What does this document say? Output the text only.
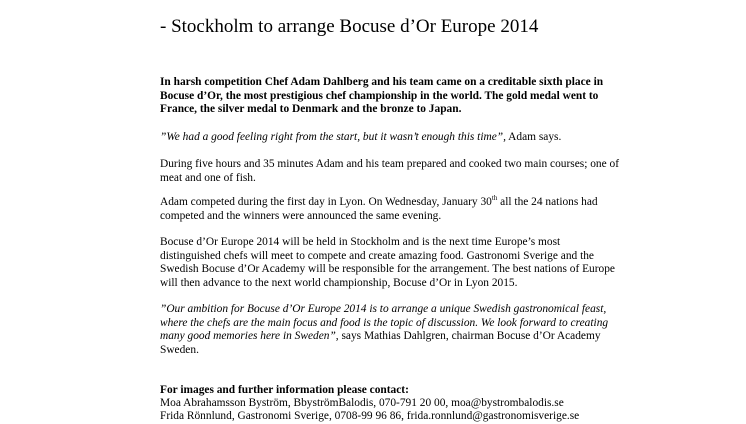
- Stockholm to arrange Bocuse d’Or Europe 2014

In harsh competition Chef Adam Dahlberg and his team came on a creditable sixth place in Bocuse d’Or, the most prestigious chef championship in the world. The gold medal went to France, the silver medal to Denmark and the bronze to Japan.

”We had a good feeling right from the start, but it wasn’t enough this time”, Adam says.

During five hours and 35 minutes Adam and his team prepared and cooked two main courses; one of meat and one of fish.

Adam competed during the first day in Lyon. On Wednesday, January 30th all the 24 nations had competed and the winners were announced the same evening.

Bocuse d’Or Europe 2014 will be held in Stockholm and is the next time Europe’s most distinguished chefs will meet to compete and create amazing food. Gastronomi Sverige and the Swedish Bocuse d’Or Academy will be responsible for the arrangement. The best nations of Europe will then advance to the next world championship, Bocuse d’Or in Lyon 2015.

”Our ambition for Bocuse d’Or Europe 2014 is to arrange a unique Swedish gastronomical feast, where the chefs are the main focus and food is the topic of discussion. We look forward to creating many good memories here in Sweden”, says Mathias Dahlgren, chairman Bocuse d’Or Academy Sweden.

For images and further information please contact:

Moa Abrahamsson Byström, BbyströmBalodis, 070-791 20 00, moa@bystrombalodis.se

Frida Rönnlund, Gastronomi Sverige, 0708-99 96 86, frida.ronnlund@gastronomisverige.se
